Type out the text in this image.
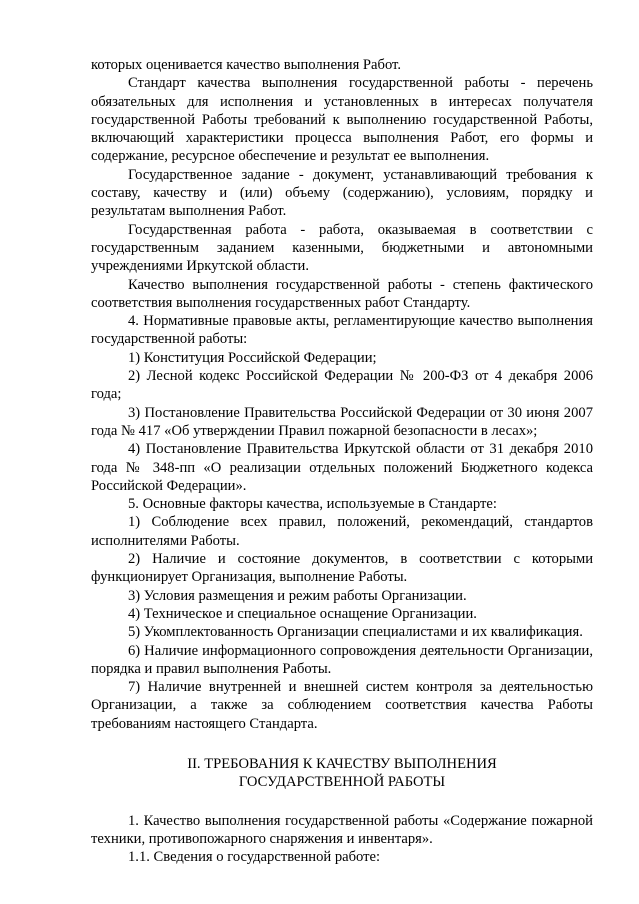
которых оценивается качество выполнения Работ.

Стандарт качества выполнения государственной работы - перечень обязательных для исполнения и установленных в интересах получателя государственной Работы требований к выполнению государственной Работы, включающий характеристики процесса выполнения Работ, его формы и содержание, ресурсное обеспечение и результат ее выполнения.

Государственное задание - документ, устанавливающий требования к составу, качеству и (или) объему (содержанию), условиям, порядку и результатам выполнения Работ.

Государственная работа - работа, оказываемая в соответствии с государственным заданием казенными, бюджетными и автономными учреждениями Иркутской области.

Качество выполнения государственной работы - степень фактического соответствия выполнения государственных работ Стандарту.

4. Нормативные правовые акты, регламентирующие качество выполнения государственной работы:

1) Конституция Российской Федерации;

2) Лесной кодекс Российской Федерации № 200-ФЗ от 4 декабря 2006 года;

3) Постановление Правительства Российской Федерации от 30 июня 2007 года № 417 «Об утверждении Правил пожарной безопасности в лесах»;

4) Постановление Правительства Иркутской области от 31 декабря 2010 года № 348-пп «О реализации отдельных положений Бюджетного кодекса Российской Федерации».

5. Основные факторы качества, используемые в Стандарте:

1) Соблюдение всех правил, положений, рекомендаций, стандартов исполнителями Работы.

2) Наличие и состояние документов, в соответствии с которыми функционирует Организация, выполнение Работы.

3) Условия размещения и режим работы Организации.

4) Техническое и специальное оснащение Организации.

5) Укомплектованность Организации специалистами и их квалификация.

6) Наличие информационного сопровождения деятельности Организации, порядка и правил выполнения Работы.

7) Наличие внутренней и внешней систем контроля за деятельностью Организации, а также за соблюдением соответствия качества Работы требованиям настоящего Стандарта.

II. ТРЕБОВАНИЯ К КАЧЕСТВУ ВЫПОЛНЕНИЯ
ГОСУДАРСТВЕННОЙ РАБОТЫ

1. Качество выполнения государственной работы «Содержание пожарной техники, противопожарного снаряжения и инвентаря».

1.1. Сведения о государственной работе:
